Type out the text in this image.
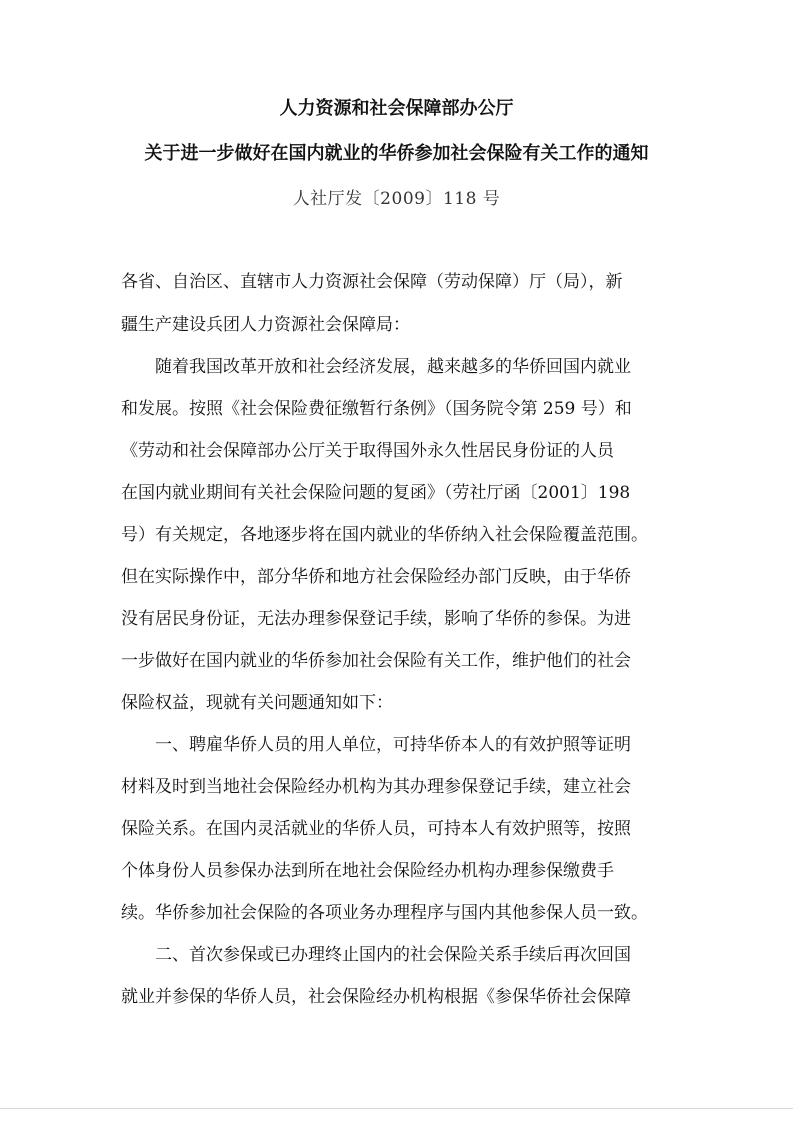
人力资源和社会保障部办公厅
关于进一步做好在国内就业的华侨参加社会保险有关工作的通知
人社厅发〔2009〕118 号
各省、自治区、直辖市人力资源社会保障（劳动保障）厅（局），新
疆生产建设兵团人力资源社会保障局：
　　随着我国改革开放和社会经济发展，越来越多的华侨回国内就业
和发展。按照《社会保险费征缴暂行条例》（国务院令第 259 号）和
《劳动和社会保障部办公厅关于取得国外永久性居民身份证的人员
在国内就业期间有关社会保险问题的复函》（劳社厅函〔2001〕198
号）有关规定，各地逐步将在国内就业的华侨纳入社会保险覆盖范围。
但在实际操作中，部分华侨和地方社会保险经办部门反映，由于华侨
没有居民身份证，无法办理参保登记手续，影响了华侨的参保。为进
一步做好在国内就业的华侨参加社会保险有关工作，维护他们的社会
保险权益，现就有关问题通知如下：
　　一、聘雇华侨人员的用人单位，可持华侨本人的有效护照等证明
材料及时到当地社会保险经办机构为其办理参保登记手续，建立社会
保险关系。在国内灵活就业的华侨人员，可持本人有效护照等，按照
个体身份人员参保办法到所在地社会保险经办机构办理参保缴费手
续。华侨参加社会保险的各项业务办理程序与国内其他参保人员一致。
　　二、首次参保或已办理终止国内的社会保险关系手续后再次回国
就业并参保的华侨人员，社会保险经办机构根据《参保华侨社会保障
